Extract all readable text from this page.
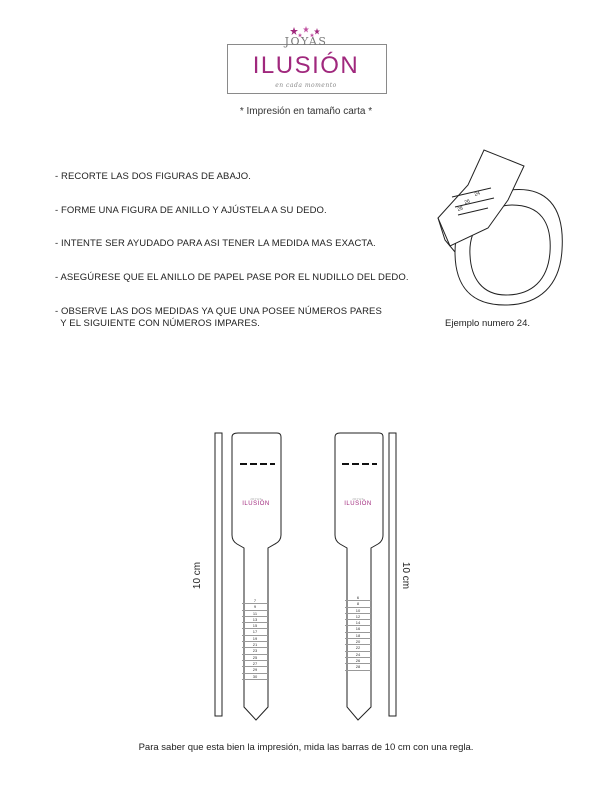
JOYAS
ILUSIÓN
en cada momento
* Impresión en tamaño carta *
- RECORTE LAS DOS FIGURAS DE ABAJO.
- FORME UNA FIGURA DE ANILLO Y AJÚSTELA A SU DEDO.
- INTENTE SER AYUDADO PARA ASI TENER LA MEDIDA MAS EXACTA.
- ASEGÚRESE QUE EL ANILLO DE PAPEL PASE POR EL NUDILLO DEL DEDO.
- OBSERVE LAS DOS MEDIDAS YA QUE UNA POSEE NÚMEROS PARES
Y EL SIGUIENTE CON NÚMEROS IMPARES.
24
26
28
JOYAS
ILUSIÓN
JOYAS
ILUSIÓN
7
9
11
13
15
17
19
21
23
25
27
29
30
6
8
10
12
14
16
18
20
22
24
26
28
10 cm	10 cm
Ejemplo numero 24.
Para saber que esta bien la impresión, mida las barras de 10 cm con una regla.
